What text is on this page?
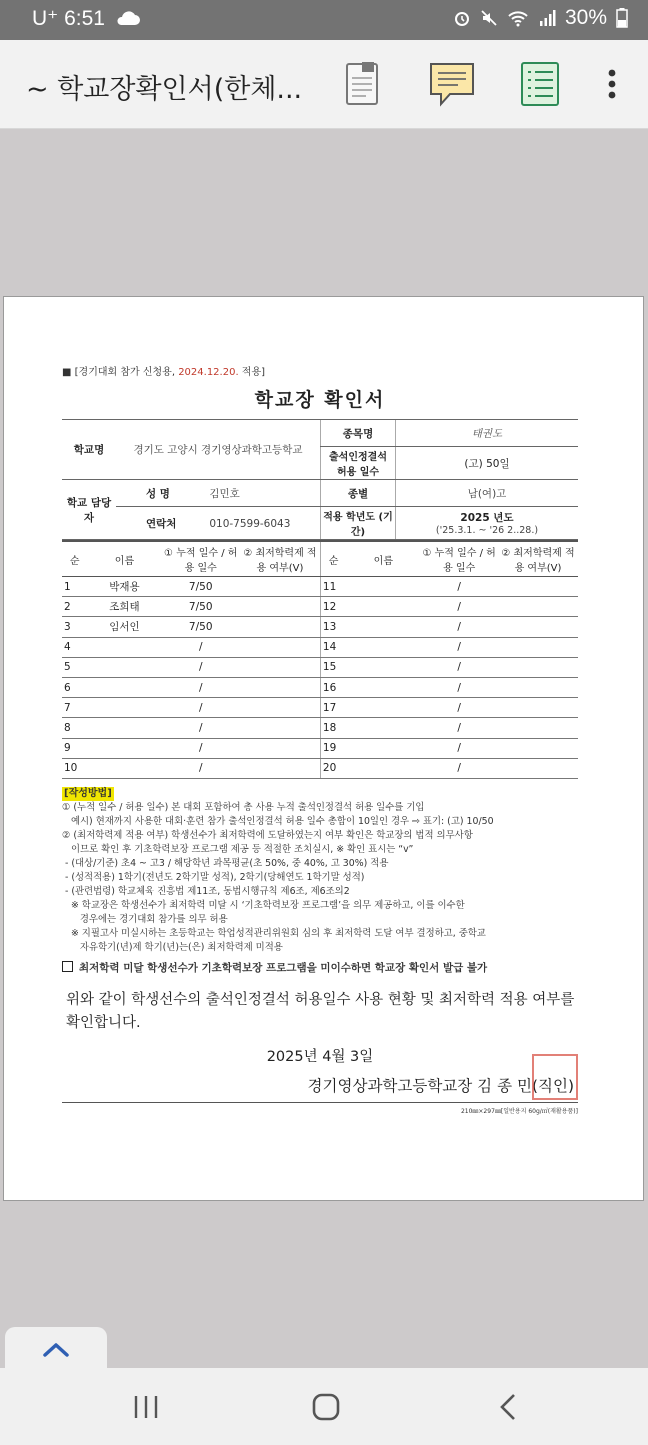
U⁺ 6:51	30%
~ 학교장확인서(한체...
■ [경기대회 참가 신청용, 2024.12.20. 적용]
학교장 확인서
학교명	경기도 고양시 경기영상과학고등학교	종목명	태권도
		출석인정결석 허용 일수	(고) 50일
학교 담당자	성 명 김민호	종별	남(여)고
	연락처 010-7599-6043	적용 학년도 (기간)	2025 년도
('25.3.1. ~ '26 2..28.)
순	이름	① 누적 일수 / 허용 일수	② 최저학력제 적용 여부(V)	순	이름	① 누적 일수 / 허용 일수	② 최저학력제 적용 여부(V)
1	박재용	7/50		11		/	
2	조희태	7/50		12		/	
3	임서인	7/50		13		/	
4		/		14		/	
5		/		15		/	
6		/		16		/	
7		/		17		/	
8		/		18		/	
9		/		19		/	
10		/		20		/	
[작성방법]
① (누적 일수 / 허용 일수) 본 대회 포함하여 총 사용 누적 출석인정결석 허용 일수를 기입
예시) 현재까지 사용한 대회·훈련 참가 출석인정결석 허용 일수 총합이 10일인 경우 ⇨ 표기: (고) 10/50
② (최저학력제 적용 여부) 학생선수가 최저학력에 도달하였는지 여부 확인은 학교장의 법적 의무사항
이므로 확인 후 기초학력보장 프로그램 제공 등 적절한 조치실시, ※ 확인 표시는 “v”
- (대상/기준) 초4 ~ 고3 / 해당학년 과목평균(초 50%, 중 40%, 고 30%) 적용
- (성적적용) 1학기(전년도 2학기말 성적), 2학기(당해연도 1학기말 성적)
- (관련법령) 학교체육 진흥법 제11조, 동법시행규칙 제6조, 제6조의2
※ 학교장은 학생선수가 최저학력 미달 시 ‘기초학력보장 프로그램’을 의무 제공하고, 이를 이수한
경우에는 경기대회 참가를 의무 허용
※ 지필고사 미실시하는 초등학교는 학업성적관리위원회 심의 후 최저학력 도달 여부 결정하고, 중학교
자유학기(년)제 학기(년)는(은) 최저학력제 미적용
최저학력 미달 학생선수가 기초학력보장 프로그램을 미이수하면 학교장 확인서 발급 불가
위와 같이 학생선수의 출석인정결석 허용일수 사용 현황 및 최저학력 적용 여부를 확인합니다.
2025년 4월 3일
경기영상과학고등학교장 김 종 민(직인)
210㎜×297㎜[일반용지 60g/㎡(재활용품)]
